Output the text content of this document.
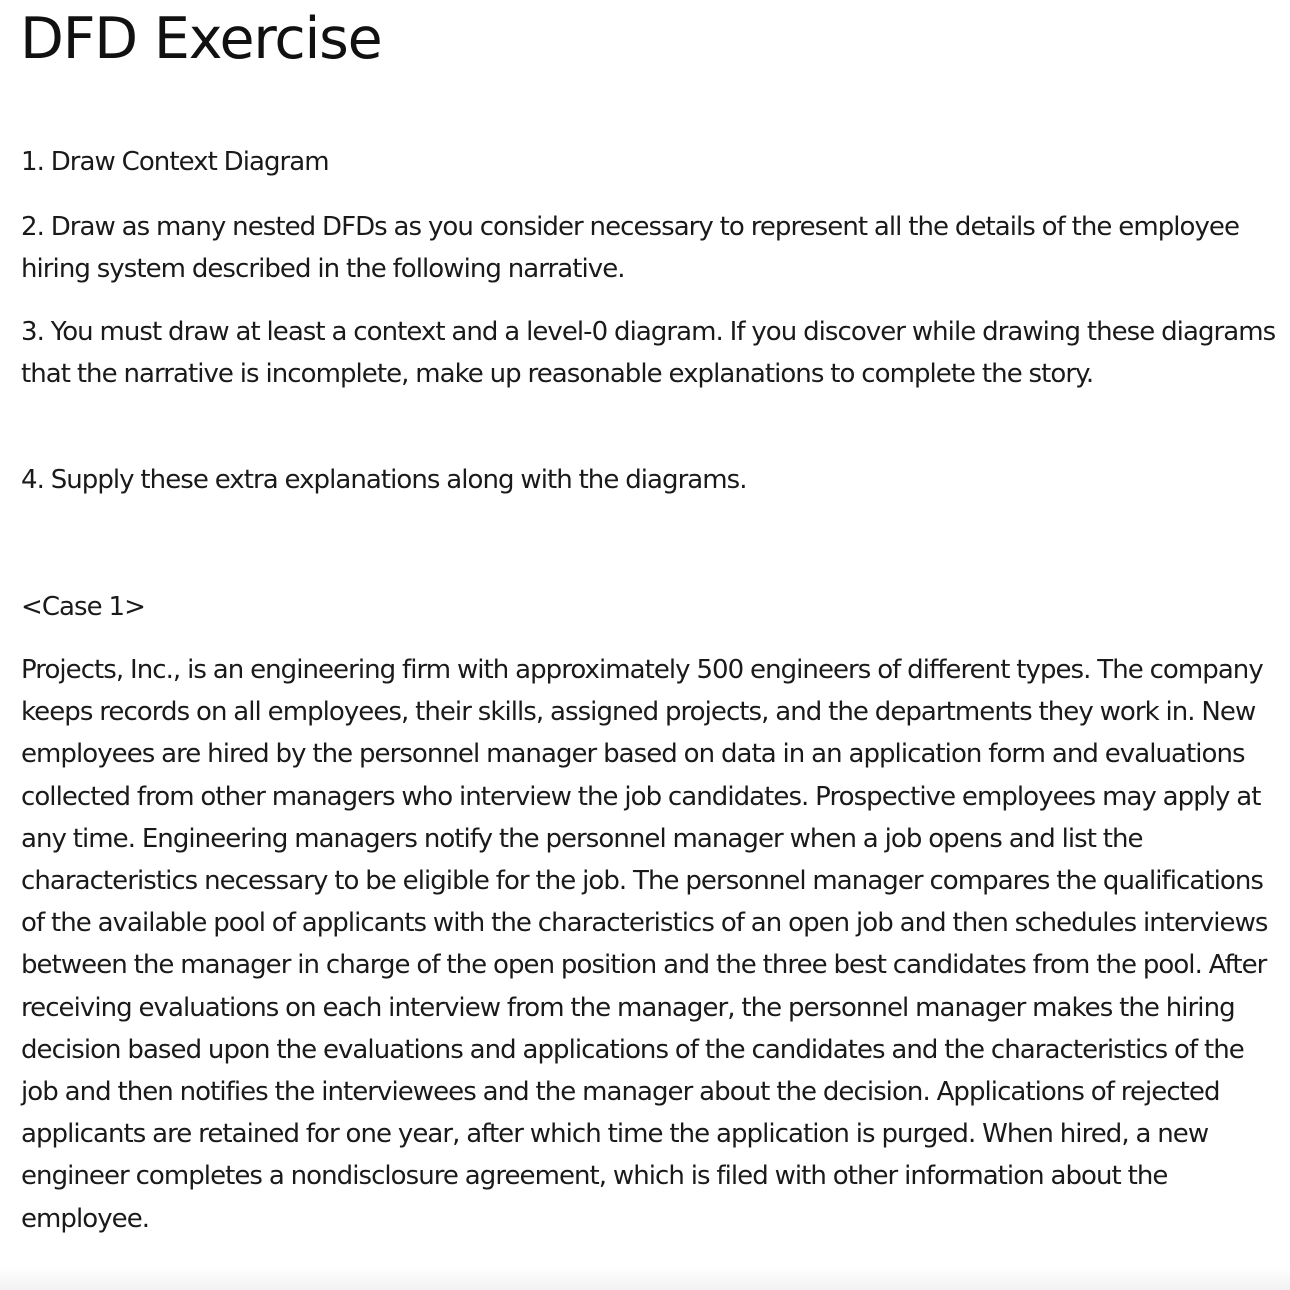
DFD Exercise

1. Draw Context Diagram

2. Draw as many nested DFDs as you consider necessary to represent all the details of the employee hiring system described in the following narrative.

3. You must draw at least a context and a level-0 diagram. If you discover while drawing these diagrams that the narrative is incomplete, make up reasonable explanations to complete the story.

4. Supply these extra explanations along with the diagrams.

<Case 1>

Projects, Inc., is an engineering firm with approximately 500 engineers of different types. The company keeps records on all employees, their skills, assigned projects, and the departments they work in. New employees are hired by the personnel manager based on data in an application form and evaluations collected from other managers who interview the job candidates. Prospective employees may apply at any time. Engineering managers notify the personnel manager when a job opens and list the characteristics necessary to be eligible for the job. The personnel manager compares the qualifications of the available pool of applicants with the characteristics of an open job and then schedules interviews between the manager in charge of the open position and the three best candidates from the pool. After receiving evaluations on each interview from the manager, the personnel manager makes the hiring decision based upon the evaluations and applications of the candidates and the characteristics of the job and then notifies the interviewees and the manager about the decision. Applications of rejected applicants are retained for one year, after which time the application is purged. When hired, a new engineer completes a nondisclosure agreement, which is filed with other information about the employee.
